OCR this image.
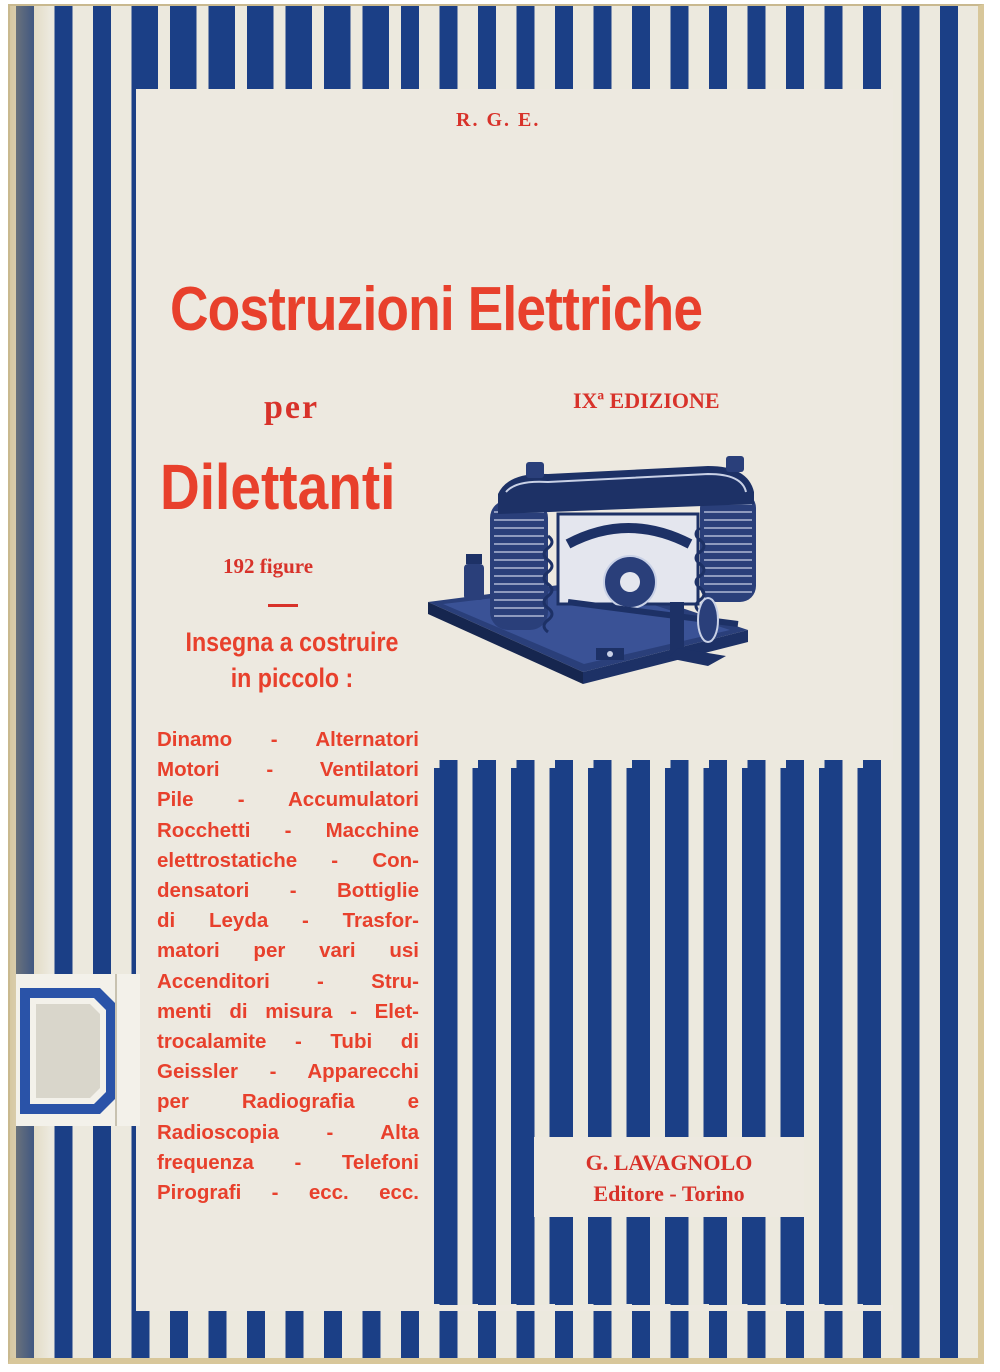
R. G. E.
Costruzioni Elettriche
per	IXª EDIZIONE
Dilettanti
192 figure
Insegna a costruire in piccolo :
Dinamo - Alternatori
Motori - Ventilatori
Pile - Accumulatori
Rocchetti - Macchine
elettrostatiche - Con-
densatori - Bottiglie
di Leyda - Trasfor-
matori per vari usi
Accenditori - Stru-
menti di misura - Elet-
trocalamite - Tubi di
Geissler - Apparecchi
per Radiografia e
Radioscopia - Alta
frequenza - Telefoni
Pirografi - ecc. ecc.
G. LAVAGNOLO
Editore - Torino
